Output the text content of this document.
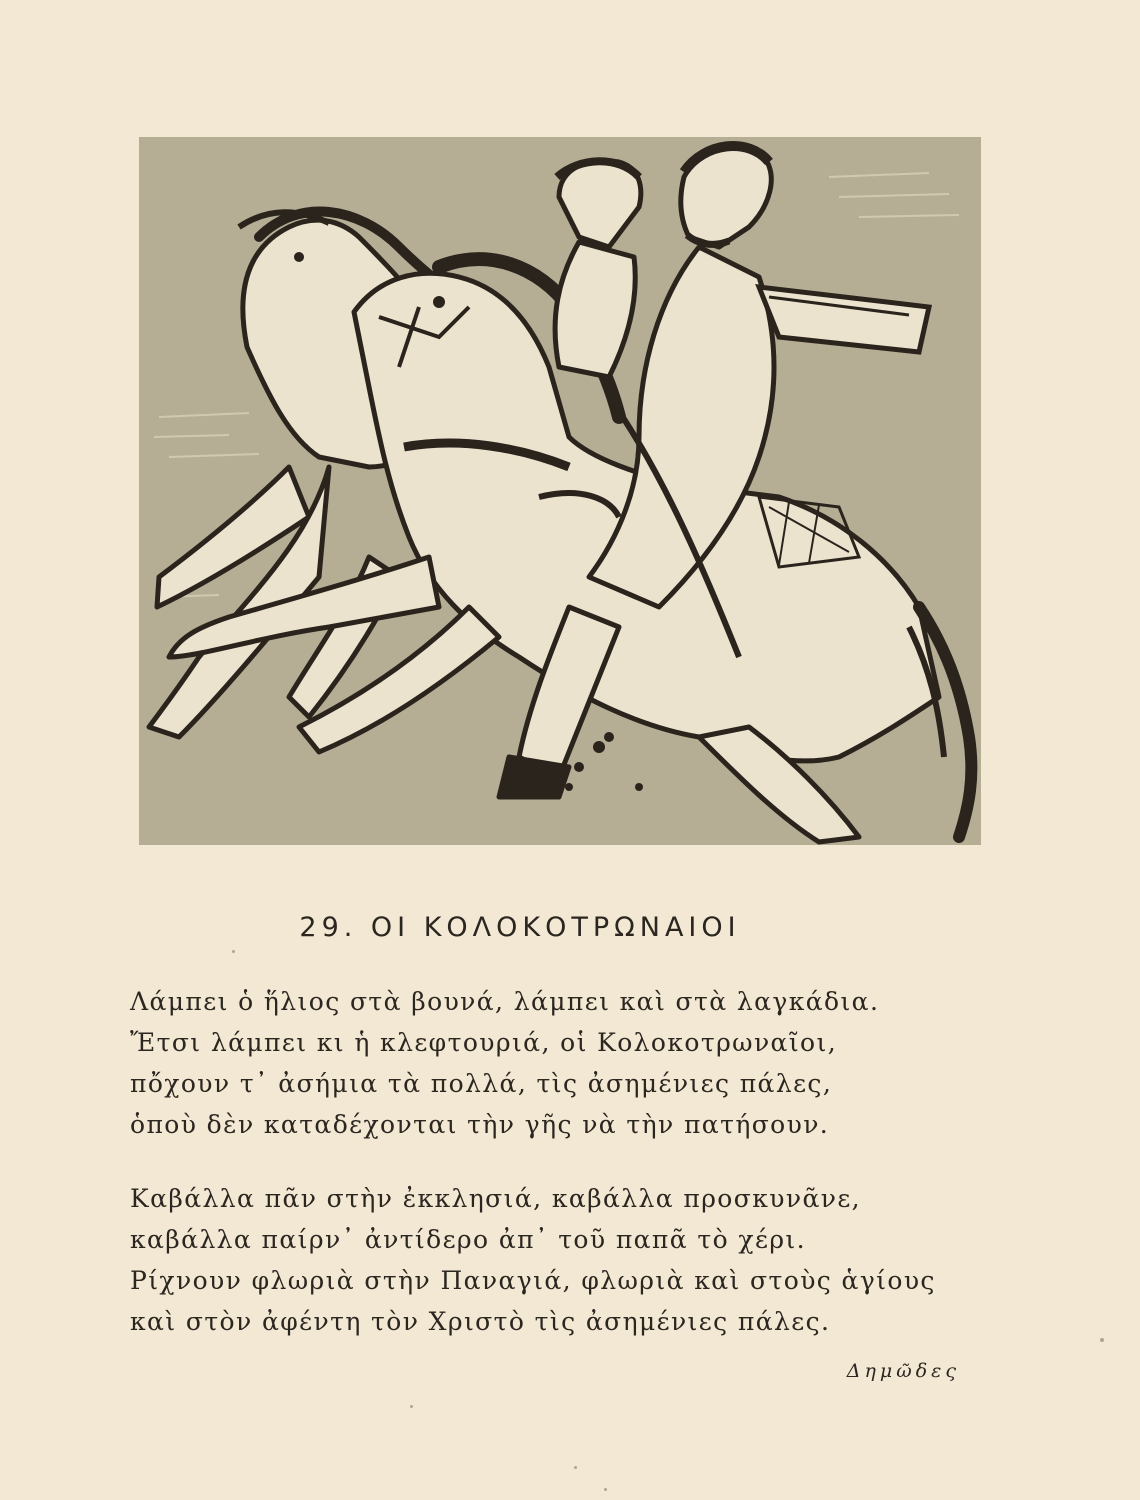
29. ΟΙ ΚΟΛΟΚΟΤΡΩΝΑΙΟΙ
Λάμπει ὁ ἥλιος στὰ βουνά, λάμπει καὶ στὰ λαγκάδια.
Ἔτσι λάμπει κι ἡ κλεφτουριά, οἱ Κολοκοτρωναῖοι,
πὄχουν τ᾽ ἀσήμια τὰ πολλά, τὶς ἀσημένιες πάλες,
ὁποὺ δὲν καταδέχονται τὴν γῆς νὰ τὴν πατήσουν.
Καβάλλα πᾶν στὴν ἐκκλησιά, καβάλλα προσκυνᾶνε,
καβάλλα παίρν᾽ ἀντίδερο ἀπ᾽ τοῦ παπᾶ τὸ χέρι.
Ρίχνουν φλωριὰ στὴν Παναγιά, φλωριὰ καὶ στοὺς ἁγίους
καὶ στὸν ἀφέντη τὸν Χριστὸ τὶς ἀσημένιες πάλες.
Δημῶδες
